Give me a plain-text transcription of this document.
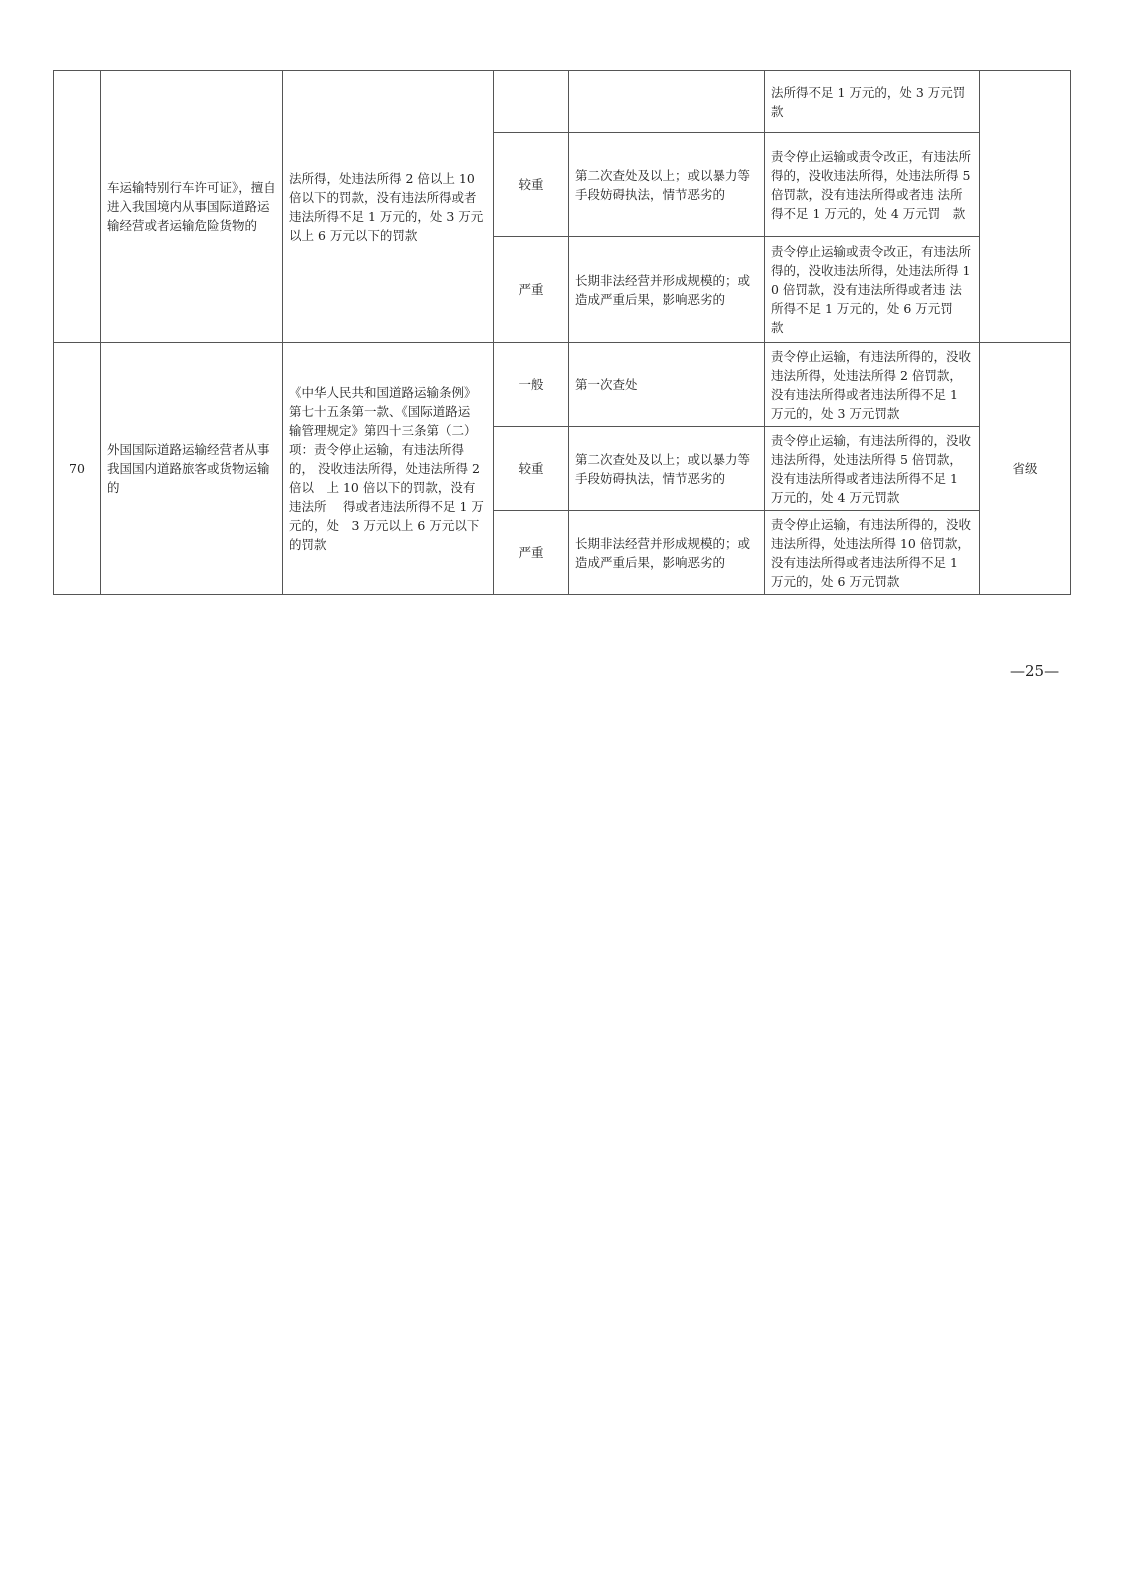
	车运输特别行车许可证》，擅自进入我国境内从事国际道路运输经营或者运输危险货物的	法所得，处违法所得 2 倍以上 10　倍以下的罚款，没有违法所得或者 违法所得不足 1 万元的，处 3 万元　以上 6 万元以下的罚款			法所得不足 1 万元的，处 3 万元罚　款	
			较重	第二次查处及以上；或以暴力等手段妨碍执法，情节恶劣的	责令停止运输或责令改正，有违法所得的，没收违法所得，处违法所得 5 倍罚款，没有违法所得或者违 法所得不足 1 万元的，处 4 万元罚　款	
			严重	长期非法经营并形成规模的；或造成严重后果，影响恶劣的	责令停止运输或责令改正，有违法所得的，没收违法所得，处违法所得 10 倍罚款，没有违法所得或者违 法所得不足 1 万元的，处 6 万元罚　款	
70	外国国际道路运输经营者从事我国国内道路旅客或货物运输的	《中华人民共和国道路运输条例》 第七十五条第一款、《国际道路运　输管理规定》第四十三条第（二） 项：责令停止运输，有违法所得的， 没收违法所得，处违法所得 2 倍以　上 10 倍以下的罚款，没有违法所　 得或者违法所得不足 1 万元的，处　3 万元以上 6 万元以下的罚款	一般	第一次查处	责令停止运输，有违法所得的，没收违法所得，处违法所得 2 倍罚款， 没有违法所得或者违法所得不足 1　 万元的，处 3 万元罚款	省级
			较重	第二次查处及以上；或以暴力等手段妨碍执法，情节恶劣的	责令停止运输，有违法所得的，没收违法所得，处违法所得 5 倍罚款， 没有违法所得或者违法所得不足 1　 万元的，处 4 万元罚款	
			严重	长期非法经营并形成规模的；或造成严重后果，影响恶劣的	责令停止运输，有违法所得的，没收违法所得，处违法所得 10 倍罚款，没有违法所得或者违法所得不足 1 万元的，处 6 万元罚款	
—25—
